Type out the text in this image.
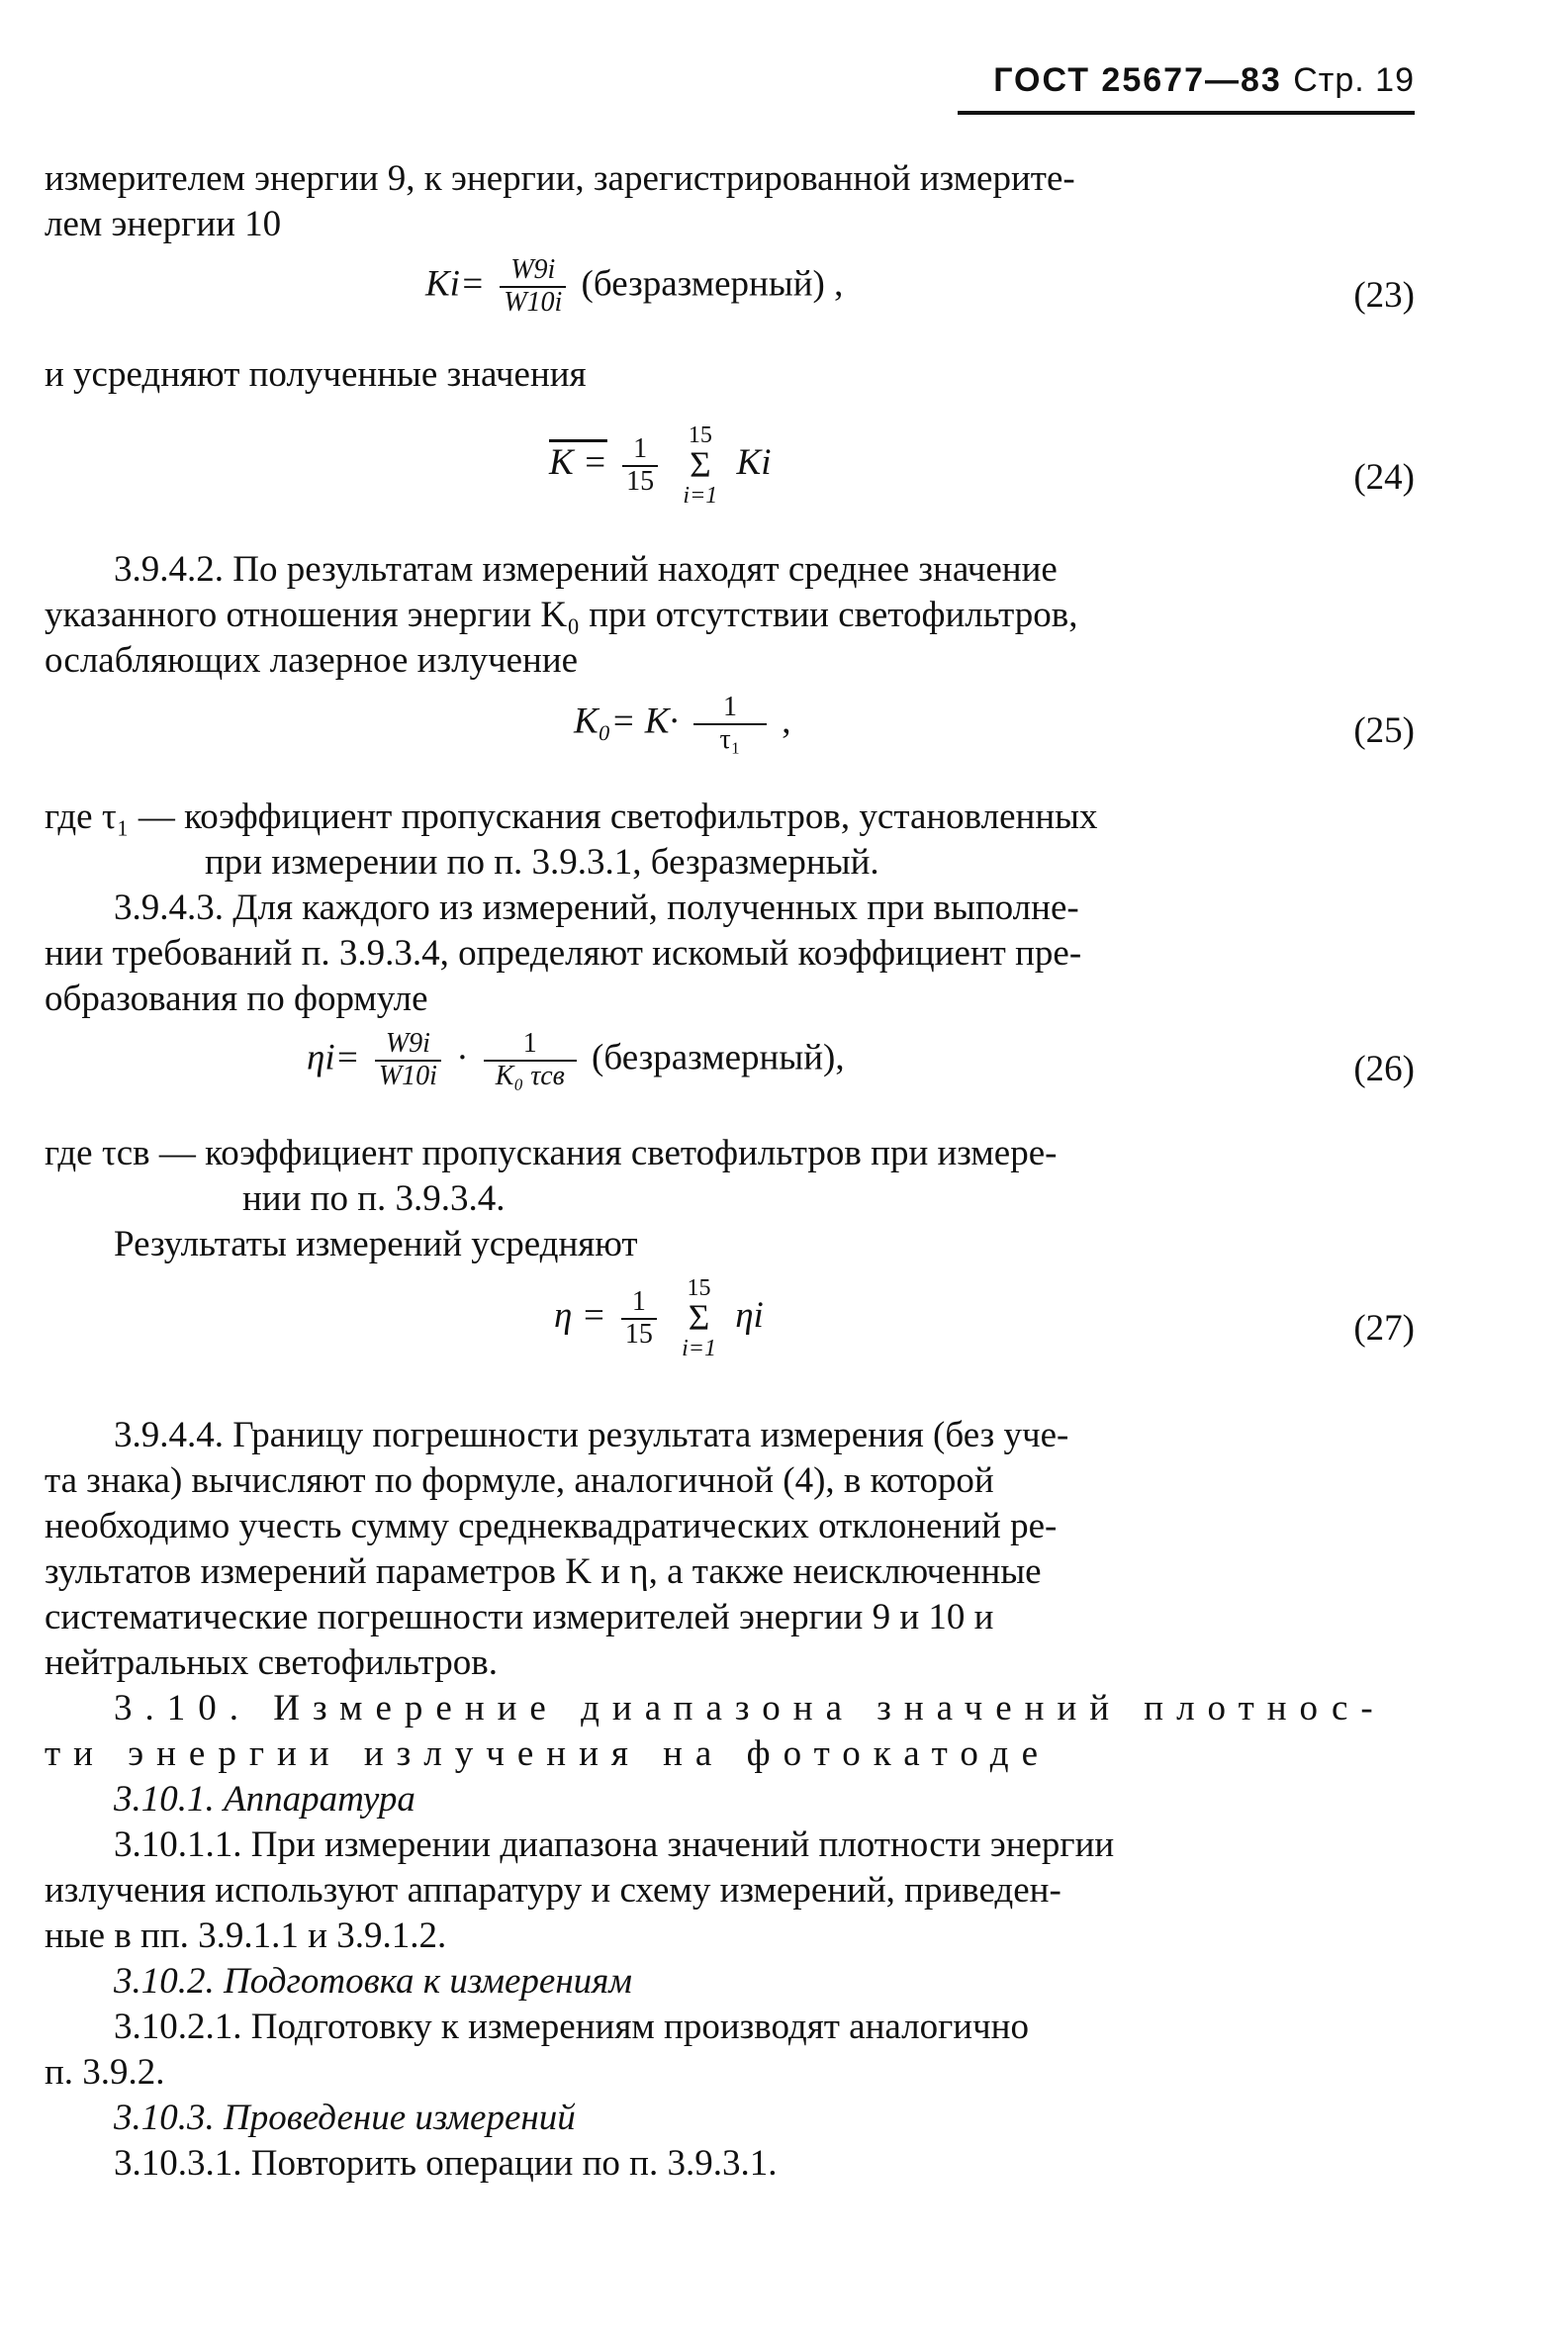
ГОСТ 25677—83 Стр. 19
измерителем энергии 9, к энергии, зарегистрированной измерите-
лем энергии 10
$Ki= \frac{W9i}{W10i}$ (безразмерный) ,	(23)
и усредняют полученные значения
$K = \frac{1}{15}$
15
Σ
i=1
Ki	(24)
3.9.4.2. По результатам измерений находят среднее значение
указанного отношения энергии K₀ при отсутствии светофильтров,
ослабляющих лазерное излучение
$K_0= K\cdot \frac{1}{\text{τ₁}}$ ,	(25)
где τ₁ — коэффициент пропускания светофильтров, установленных
при измерении по п. 3.9.3.1, безразмерный.
3.9.4.3. Для каждого из измерений, полученных при выполне-
нии требований п. 3.9.3.4, определяют искомый коэффициент пре-
образования по формуле
$\eta i= \frac{W9i}{W10i} \cdot \frac{1}{\text{K₀ τсв}}$ (безразмерный),	(26)
где τсв — коэффициент пропускания светофильтров при измере-
нии по п. 3.9.3.4.
Результаты измерений усредняют
$\eta = \frac{1}{15}$
15
Σ
i=1
ηi	(27)
3.9.4.4. Границу погрешности результата измерения (без уче-
та знака) вычисляют по формуле, аналогичной (4), в которой
необходимо учесть сумму среднеквадратических отклонений ре-
зультатов измерений параметров K и η, а также неисключенные
систематические погрешности измерителей энергии 9 и 10 и
нейтральных светофильтров.
3.10. Измерение диапазона значений плотнос-
ти энергии излучения на фотокатоде
3.10.1. Аппаратура
3.10.1.1. При измерении диапазона значений плотности энергии
излучения используют аппаратуру и схему измерений, приведен-
ные в пп. 3.9.1.1 и 3.9.1.2.
3.10.2. Подготовка к измерениям
3.10.2.1. Подготовку к измерениям производят аналогично
п. 3.9.2.
3.10.3. Проведение измерений
3.10.3.1. Повторить операции по п. 3.9.3.1.
